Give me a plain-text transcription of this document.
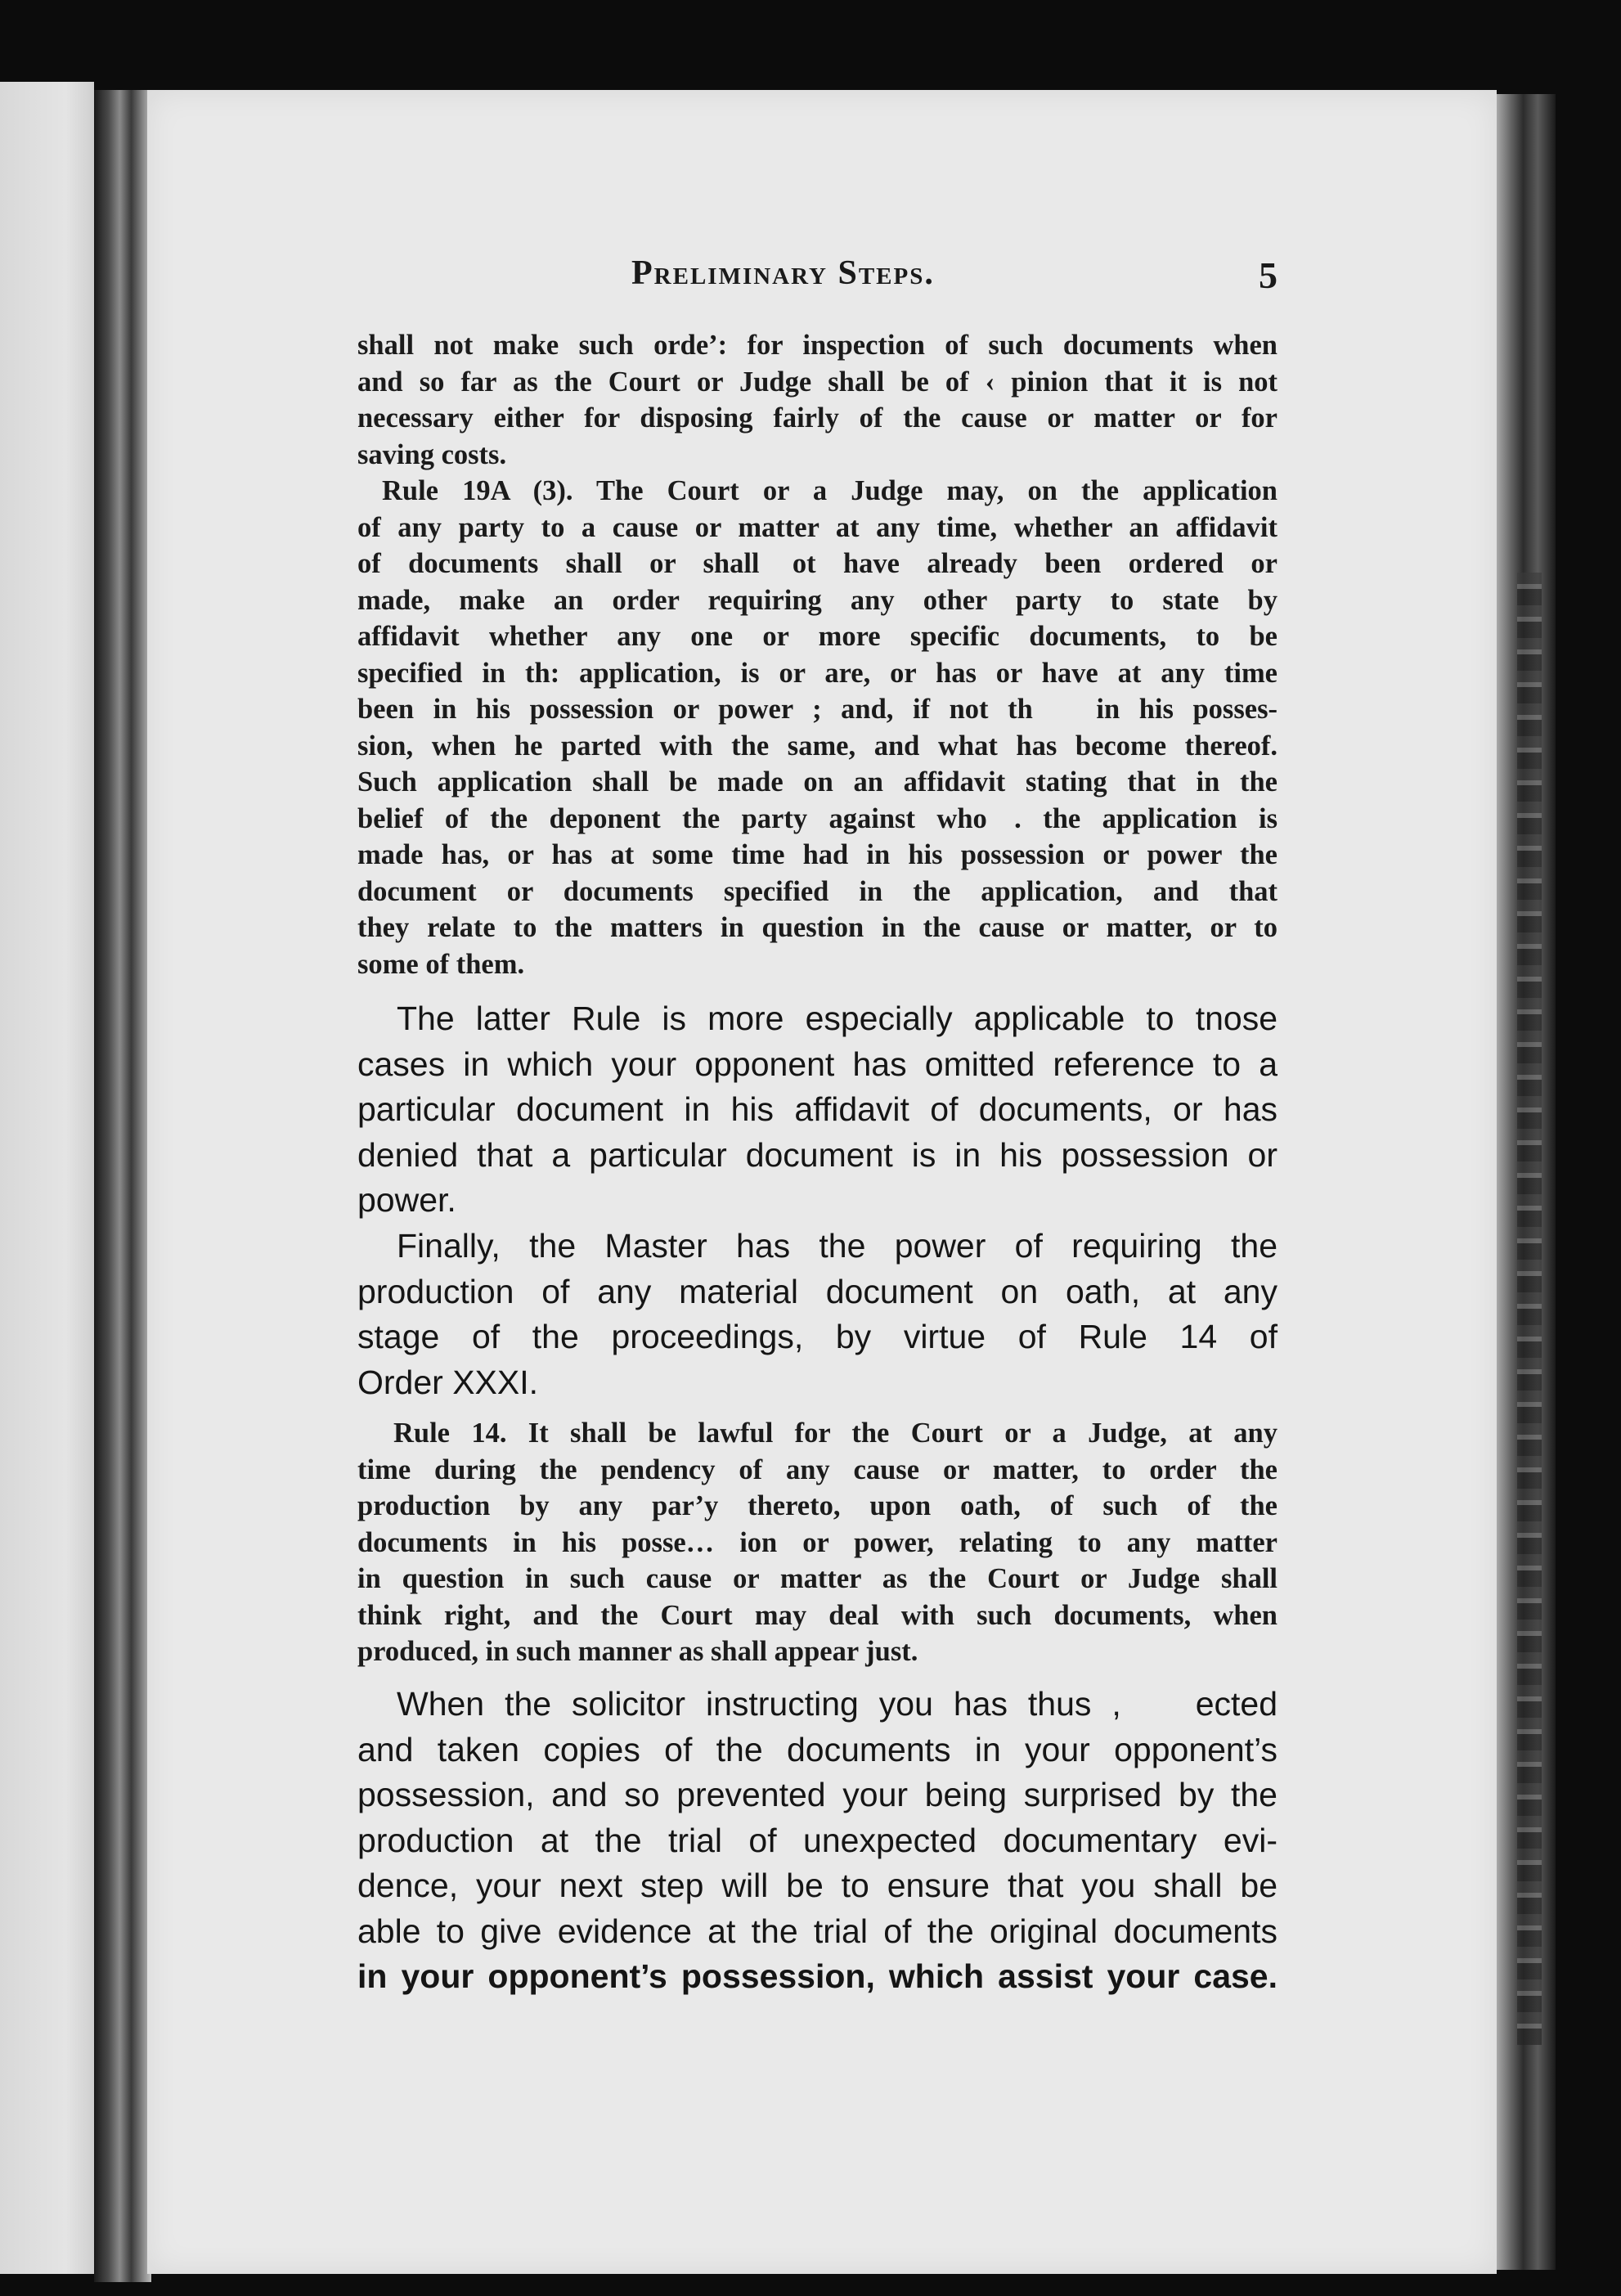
Preliminary Steps.	5
shall not make such orde’: for inspection of such documents when
and so far as the Court or Judge shall be of ‹ pinion that it is not
necessary either for disposing fairly of the cause or matter or for
saving costs.
Rule 19A (3). The Court or a Judge may, on the application
of any party to a cause or matter at any time, whether an affidavit
of documents shall or shall  ot have already been ordered or
made, make an order requiring any other party to state by
affidavit whether any one or more specific documents, to be
specified in th: application, is or are, or has or have at any time
been in his possession or power ; and, if not th    in his posses-
sion, when he parted with the same, and what has become thereof.
Such application shall be made on an affidavit stating that in the
belief of the deponent the party against who  . the application is
made has, or has at some time had in his possession or power the
document or documents specified in the application, and that
they relate to the matters in question in the cause or matter, or to
some of them.
The latter Rule is more especially applicable to tnose
cases in which your opponent has omitted reference to a
particular document in his affidavit of documents, or has
denied that a particular document is in his possession or
power.
Finally, the Master has the power of requiring the
production of any material document on oath, at any
stage of the proceedings, by virtue of Rule 14 of
Order XXXI.
Rule 14. It shall be lawful for the Court or a Judge, at any
time during the pendency of any cause or matter, to order the
production by any par’y thereto, upon oath, of such of the
documents in his posse… ion or power, relating to any matter
in question in such cause or matter as the Court or Judge shall
think right, and the Court may deal with such documents, when
produced, in such manner as shall appear just.
When the solicitor instructing you has thus ,   ected
and taken copies of the documents in your opponent’s
possession, and so prevented your being surprised by the
production at the trial of unexpected documentary evi-
dence, your next step will be to ensure that you shall be
able to give evidence at the trial of the original documents
in your opponent’s possession, which assist your case.
